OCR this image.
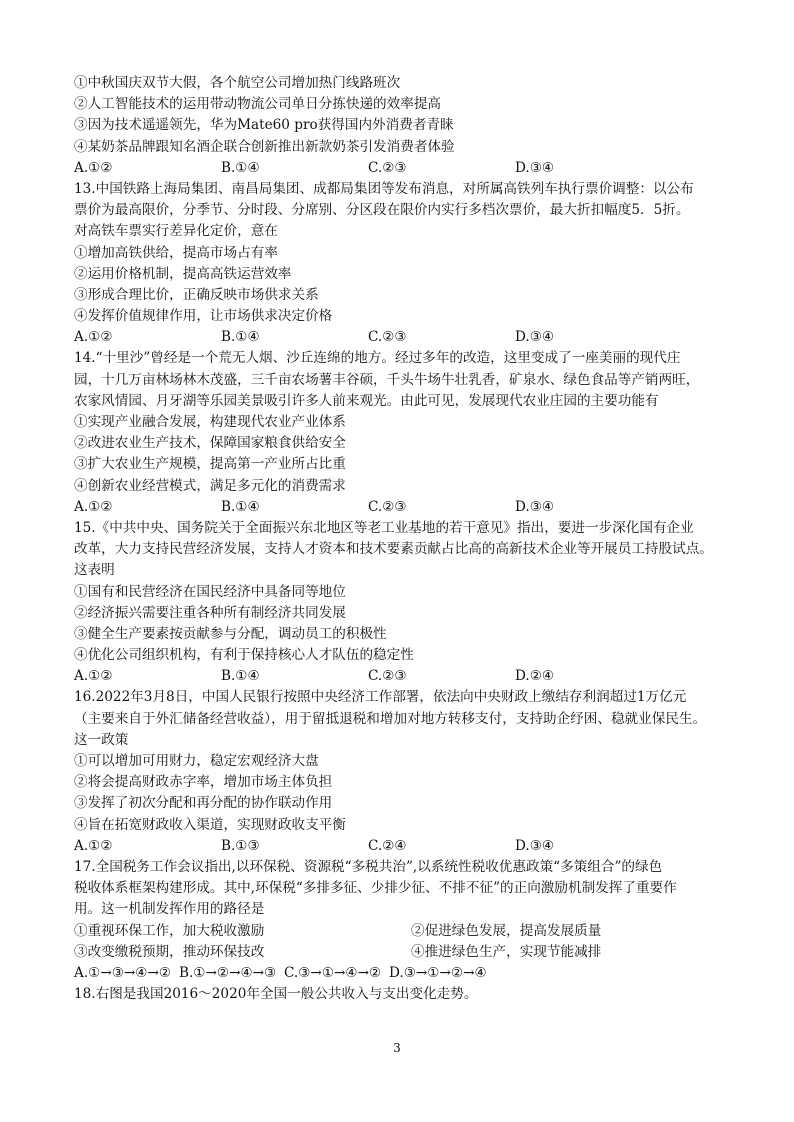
①中秋国庆双节大假，各个航空公司增加热门线路班次
②人工智能技术的运用带动物流公司单日分拣快递的效率提高
③因为技术遥遥领先，华为Mate60 pro获得国内外消费者青睐
④某奶茶品牌跟知名酒企联合创新推出新款奶茶引发消费者体验
A.①②	B.①④	C.②③	D.③④
13.中国铁路上海局集团、南昌局集团、成都局集团等发布消息，对所属高铁列车执行票价调整：以公布
票价为最高限价，分季节、分时段、分席别、分区段在限价内实行多档次票价，最大折扣幅度5．5折。
对高铁车票实行差异化定价，意在
①增加高铁供给，提高市场占有率
②运用价格机制，提高高铁运营效率
③形成合理比价，正确反映市场供求关系
④发挥价值规律作用，让市场供求决定价格
A.①②	B.①④	C.②③	D.③④
14.“十里沙”曾经是一个荒无人烟、沙丘连绵的地方。经过多年的改造，这里变成了一座美丽的现代庄
园，十几万亩林场林木茂盛，三千亩农场薯丰谷硕，千头牛场牛壮乳香，矿泉水、绿色食品等产销两旺，
农家风情园、月牙湖等乐园美景吸引许多人前来观光。由此可见，发展现代农业庄园的主要功能有
①实现产业融合发展，构建现代农业产业体系
②改进农业生产技术，保障国家粮食供给安全
③扩大农业生产规模，提高第一产业所占比重
④创新农业经营模式，满足多元化的消费需求
A.①②	B.①④	C.②③	D.③④
15.《中共中央、国务院关于全面振兴东北地区等老工业基地的若干意见》指出，要进一步深化国有企业
改革，大力支持民营经济发展，支持人才资本和技术要素贡献占比高的高新技术企业等开展员工持股试点。
这表明
①国有和民营经济在国民经济中具备同等地位
②经济振兴需要注重各种所有制经济共同发展
③健全生产要素按贡献参与分配，调动员工的积极性
④优化公司组织机构，有利于保持核心人才队伍的稳定性
A.①②	B.①④	C.②③	D.②④
16.2022年3月8日，中国人民银行按照中央经济工作部署，依法向中央财政上缴结存利润超过1万亿元
（主要来自于外汇储备经营收益），用于留抵退税和增加对地方转移支付，支持助企纾困、稳就业保民生。
这一政策
①可以增加可用财力，稳定宏观经济大盘
②将会提高财政赤字率，增加市场主体负担
③发挥了初次分配和再分配的协作联动作用
④旨在拓宽财政收入渠道，实现财政收支平衡
A.①②	B.①③	C.②④	D.③④
17.全国税务工作会议指出,以环保税、资源税“多税共治”,以系统性税收优惠政策“多策组合”的绿色
税收体系框架构建形成。其中,环保税“多排多征、少排少征、不排不征”的正向激励机制发挥了重要作
用。这一机制发挥作用的路径是
①重视环保工作，加大税收激励	②促进绿色发展，提高发展质量
③改变缴税预期，推动环保技改	④推进绿色生产，实现节能减排
A.①→③→④→② B.①→②→④→③ C.③→①→④→② D.③→①→②→④
18.右图是我国2016～2020年全国一般公共收入与支出变化走势。
3
